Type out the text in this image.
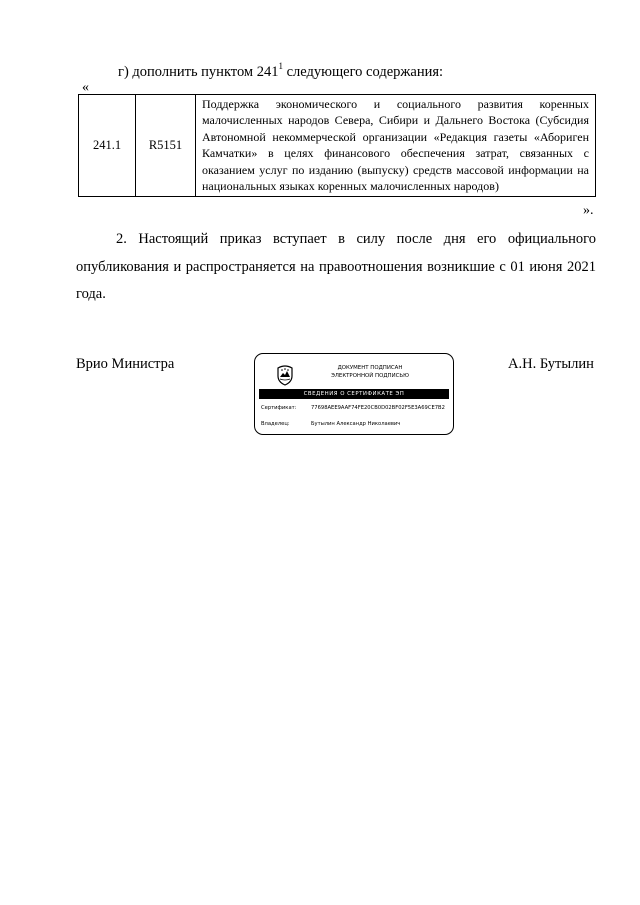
г) дополнить пунктом $241^1$ следующего содержания:
«
241.1	R5151	Поддержка экономического и социального развития коренных малочисленных народов Севера, Сибири и Дальнего Востока (Субсидия Автономной некоммерческой организации «Редакция газеты «Абориген Камчатки» в целях финансового обеспечения затрат, связанных с оказанием услуг по изданию (выпуску) средств массовой информации на национальных языках коренных малочисленных народов)
».
2. Настоящий приказ вступает в силу после дня его официального опубликования и распространяется на правоотношения возникшие с 01 июня 2021 года.
Врио Министра	А.Н. Бутылин
ДОКУМЕНТ ПОДПИСАН
ЭЛЕКТРОННОЙ ПОДПИСЬЮ
СВЕДЕНИЯ О СЕРТИФИКАТЕ ЭП
Сертификат:	77698AEE9AAF74FE20CB0D02BF02F5E3A69CE7B2
Владелец:	Бутылин Александр Николаевич
